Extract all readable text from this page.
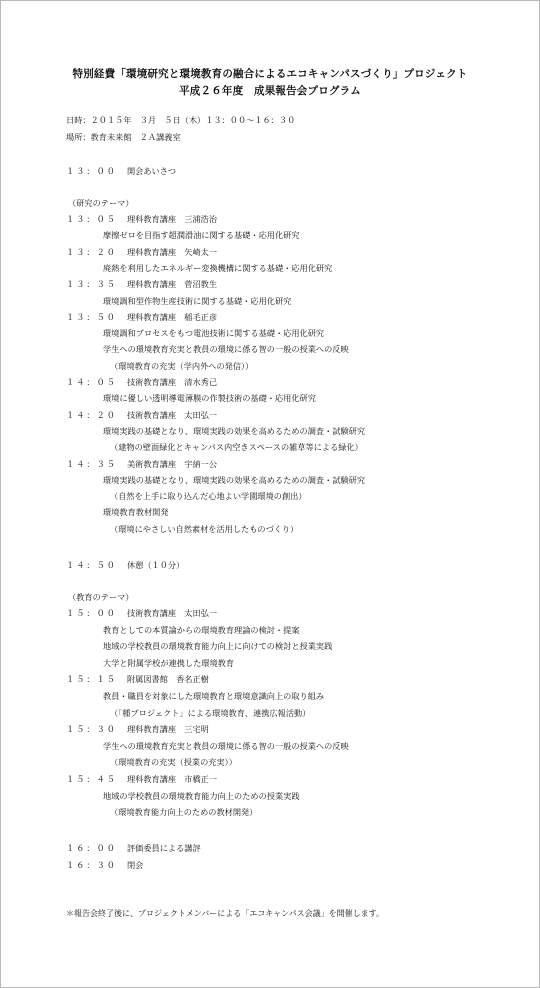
特別経費「環境研究と環境教育の融合によるエコキャンパスづくり」プロジェクト
平成２６年度　成果報告会プログラム
日時：２０１５年　３月　５日（木）１３：００〜１６：３０
場所：教育未来館　２Ａ講義室
１３：００ 開会あいさつ
（研究のテーマ）
１３：０５ 理科教育講座　三浦浩治
摩擦ゼロを目指す超潤滑油に関する基礎・応用化研究
１３：２０ 理科教育講座　矢崎太一
廃熱を利用したエネルギー変換機構に関する基礎・応用化研究
１３：３５ 理科教育講座　菅沼教生
環境調和型作物生産技術に関する基礎・応用化研究
１３：５０ 理科教育講座　稲毛正彦
環境調和プロセスをもつ電池技術に関する基礎・応用化研究
学生への環境教育充実と教員の環境に係る智の一般の授業への反映
（環境教育の充実（学内外への発信））
１４：０５ 技術教育講座　清水秀己
環境に優しい透明導電薄膜の作製技術の基礎・応用化研究
１４：２０ 技術教育講座　太田弘一
環境実践の基礎となり、環境実践の効果を高めるための調査・試験研究
（建物の壁面緑化とキャンパス内空きスペースの雑草等による緑化）
１４：３５ 美術教育講座　宇納一公
環境実践の基礎となり、環境実践の効果を高めるための調査・試験研究
（自然を上手に取り込んだ心地よい学園環境の創出）
環境教育教材開発
（環境にやさしい自然素材を活用したものづくり）
１４：５０ 休憩（１０分）
（教育のテーマ）
１５：００ 技術教育講座　太田弘一
教育としての本質論からの環境教育理論の検討・提案
地域の学校教員の環境教育能力向上に向けての検討と授業実践
大学と附属学校が連携した環境教育
１５：１５ 附属図書館　香名正樹
教員・職員を対象にした環境教育と環境意識向上の取り組み
（「種プロジェクト」による環境教育、連携広報活動）
１５：３０ 理科教育講座　三宅明
学生への環境教育充実と教員の環境に係る智の一般の授業への反映
（環境教育の充実（授業の充実））
１５：４５ 理科教育講座　市橋正一
地域の学校教員の環境教育能力向上のための授業実践
（環境教育能力向上のための教材開発）
１６：００ 評価委員による講評
１６：３０ 閉会
＊報告会終了後に、プロジェクトメンバーによる「エコキャンパス会議」を開催します。
